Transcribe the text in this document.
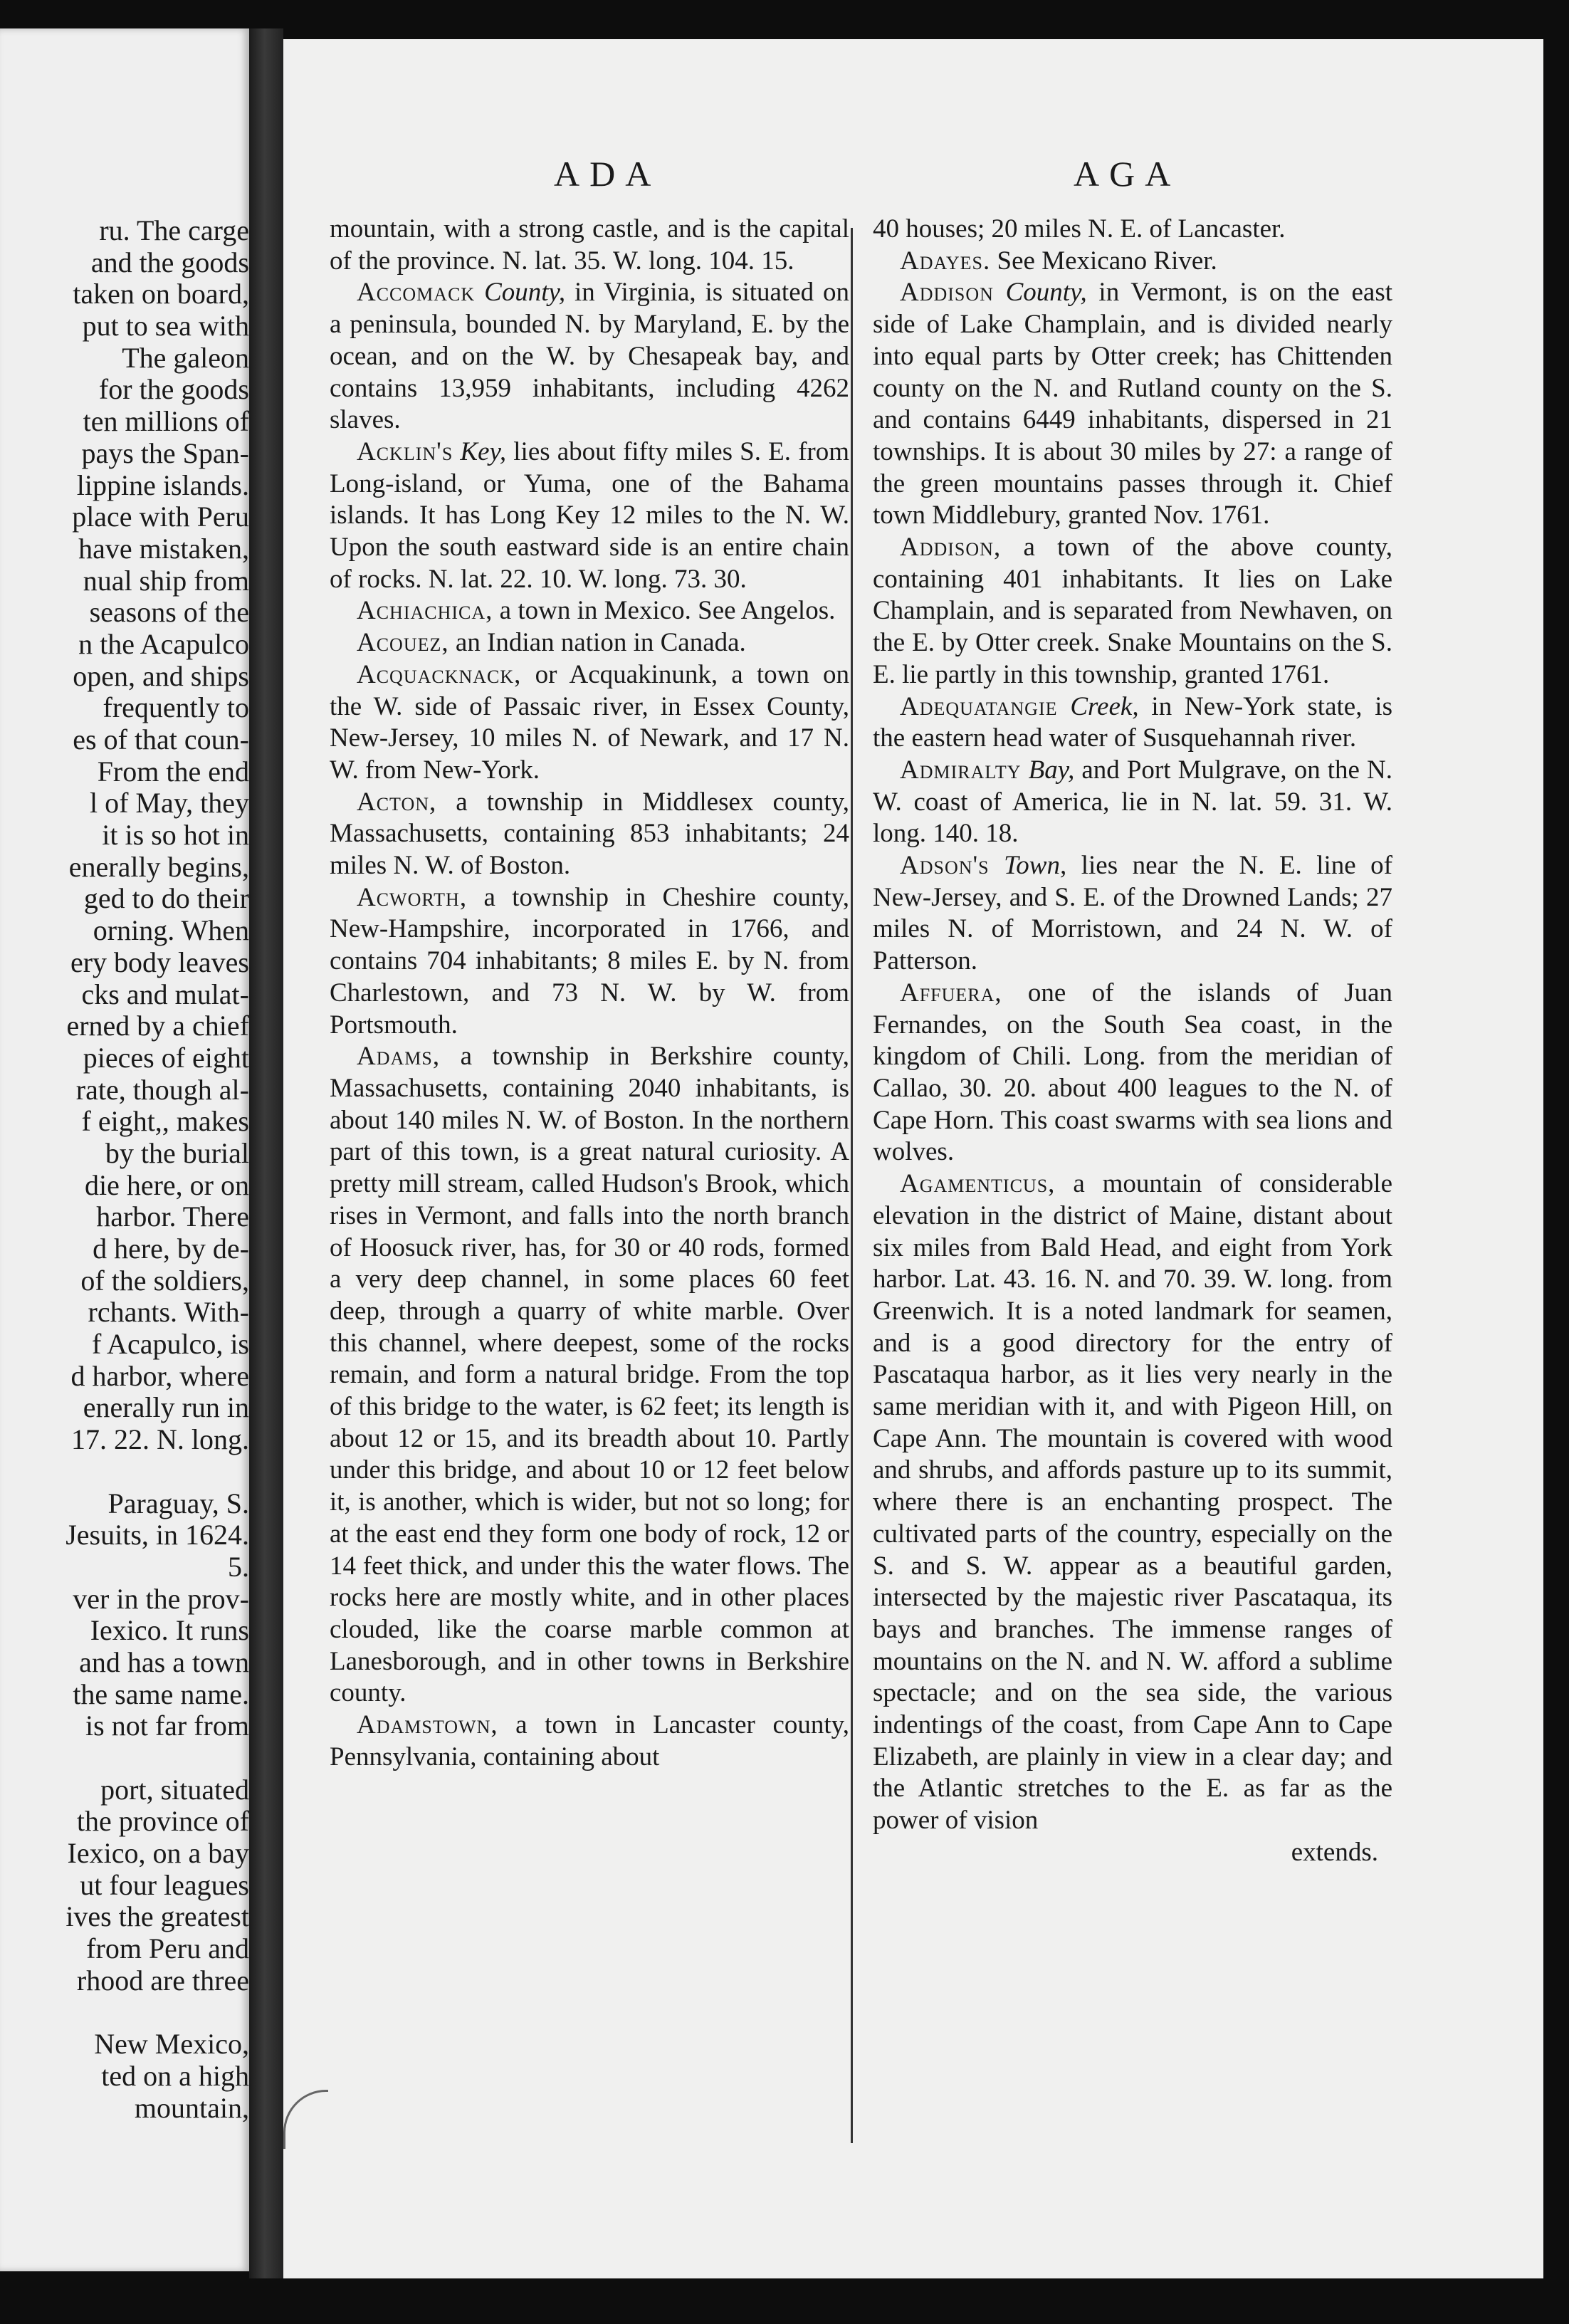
ru. The carge
and the goods
taken on board,
put to sea with
The galeon
for the goods
ten millions of
pays the Span-
lippine islands.
place with Peru
have mistaken,
nual ship from
seasons of the
n the Acapulco
open, and ships
frequently to
es of that coun-
From the end
l of May, they
it is so hot in
enerally begins,
ged to do their
orning. When
ery body leaves
cks and mulat-
erned by a chief
pieces of eight
rate, though al-
f eight,, makes
by the burial
die here, or on
harbor. There
d here, by de-
of the soldiers,
rchants. With-
f Acapulco, is
d harbor, where
enerally run in
17. 22. N. long.
Paraguay, S.
Jesuits, in 1624.
5.
ver in the prov-
Iexico. It runs
and has a town
the same name.
is not far from
port, situated
the province of
Iexico, on a bay
ut four leagues
ives the greatest
from Peru and
rhood are three
New Mexico,
ted on a high
mountain,
ADA	AGA

mountain, with a strong castle, and is the capital of the province. N. lat. 35. W. long. 104. 15.

Accomack County, in Virginia, is situated on a peninsula, bounded N. by Maryland, E. by the ocean, and on the W. by Chesapeak bay, and contains 13,959 inhabitants, including 4262 slaves.

Acklin's Key, lies about fifty miles S. E. from Long-island, or Yuma, one of the Bahama islands. It has Long Key 12 miles to the N. W. Upon the south eastward side is an entire chain of rocks. N. lat. 22. 10. W. long. 73. 30.

Achiachica, a town in Mexico. See Angelos.

Acouez, an Indian nation in Canada.

Acquacknack, or Acquakinunk, a town on the W. side of Passaic river, in Essex County, New-Jersey, 10 miles N. of Newark, and 17 N. W. from New-York.

Acton, a township in Middlesex county, Massachusetts, containing 853 inhabitants; 24 miles N. W. of Boston.

Acworth, a township in Cheshire county, New-Hampshire, incorporated in 1766, and contains 704 inhabitants; 8 miles E. by N. from Charlestown, and 73 N. W. by W. from Portsmouth.

Adams, a township in Berkshire county, Massachusetts, containing 2040 inhabitants, is about 140 miles N. W. of Boston. In the northern part of this town, is a great natural curiosity. A pretty mill stream, called Hudson's Brook, which rises in Vermont, and falls into the north branch of Hoosuck river, has, for 30 or 40 rods, formed a very deep channel, in some places 60 feet deep, through a quarry of white marble. Over this channel, where deepest, some of the rocks remain, and form a natural bridge. From the top of this bridge to the water, is 62 feet; its length is about 12 or 15, and its breadth about 10. Partly under this bridge, and about 10 or 12 feet below it, is another, which is wider, but not so long; for at the east end they form one body of rock, 12 or 14 feet thick, and under this the water flows. The rocks here are mostly white, and in other places clouded, like the coarse marble common at Lanesborough, and in other towns in Berkshire county.

Adamstown, a town in Lancaster county, Pennsylvania, containing about

40 houses; 20 miles N. E. of Lancaster.

Adayes. See Mexicano River.

Addison County, in Vermont, is on the east side of Lake Champlain, and is divided nearly into equal parts by Otter creek; has Chittenden county on the N. and Rutland county on the S. and contains 6449 inhabitants, dispersed in 21 townships. It is about 30 miles by 27: a range of the green mountains passes through it. Chief town Middlebury, granted Nov. 1761.

Addison, a town of the above county, containing 401 inhabitants. It lies on Lake Champlain, and is separated from Newhaven, on the E. by Otter creek. Snake Mountains on the S. E. lie partly in this township, granted 1761.

Adequatangie Creek, in New-York state, is the eastern head water of Susquehannah river.

Admiralty Bay, and Port Mulgrave, on the N. W. coast of America, lie in N. lat. 59. 31. W. long. 140. 18.

Adson's Town, lies near the N. E. line of New-Jersey, and S. E. of the Drowned Lands; 27 miles N. of Morristown, and 24 N. W. of Patterson.

Affuera, one of the islands of Juan Fernandes, on the South Sea coast, in the kingdom of Chili. Long. from the meridian of Callao, 30. 20. about 400 leagues to the N. of Cape Horn. This coast swarms with sea lions and wolves.

Agamenticus, a mountain of considerable elevation in the district of Maine, distant about six miles from Bald Head, and eight from York harbor. Lat. 43. 16. N. and 70. 39. W. long. from Greenwich. It is a noted landmark for seamen, and is a good directory for the entry of Pascataqua harbor, as it lies very nearly in the same meridian with it, and with Pigeon Hill, on Cape Ann. The mountain is covered with wood and shrubs, and affords pasture up to its summit, where there is an enchanting prospect. The cultivated parts of the country, especially on the S. and S. W. appear as a beautiful garden, intersected by the majestic river Pascataqua, its bays and branches. The immense ranges of mountains on the N. and N. W. afford a sublime spectacle; and on the sea side, the various indentings of the coast, from Cape Ann to Cape Elizabeth, are plainly in view in a clear day; and the Atlantic stretches to the E. as far as the power of vision

extends.
